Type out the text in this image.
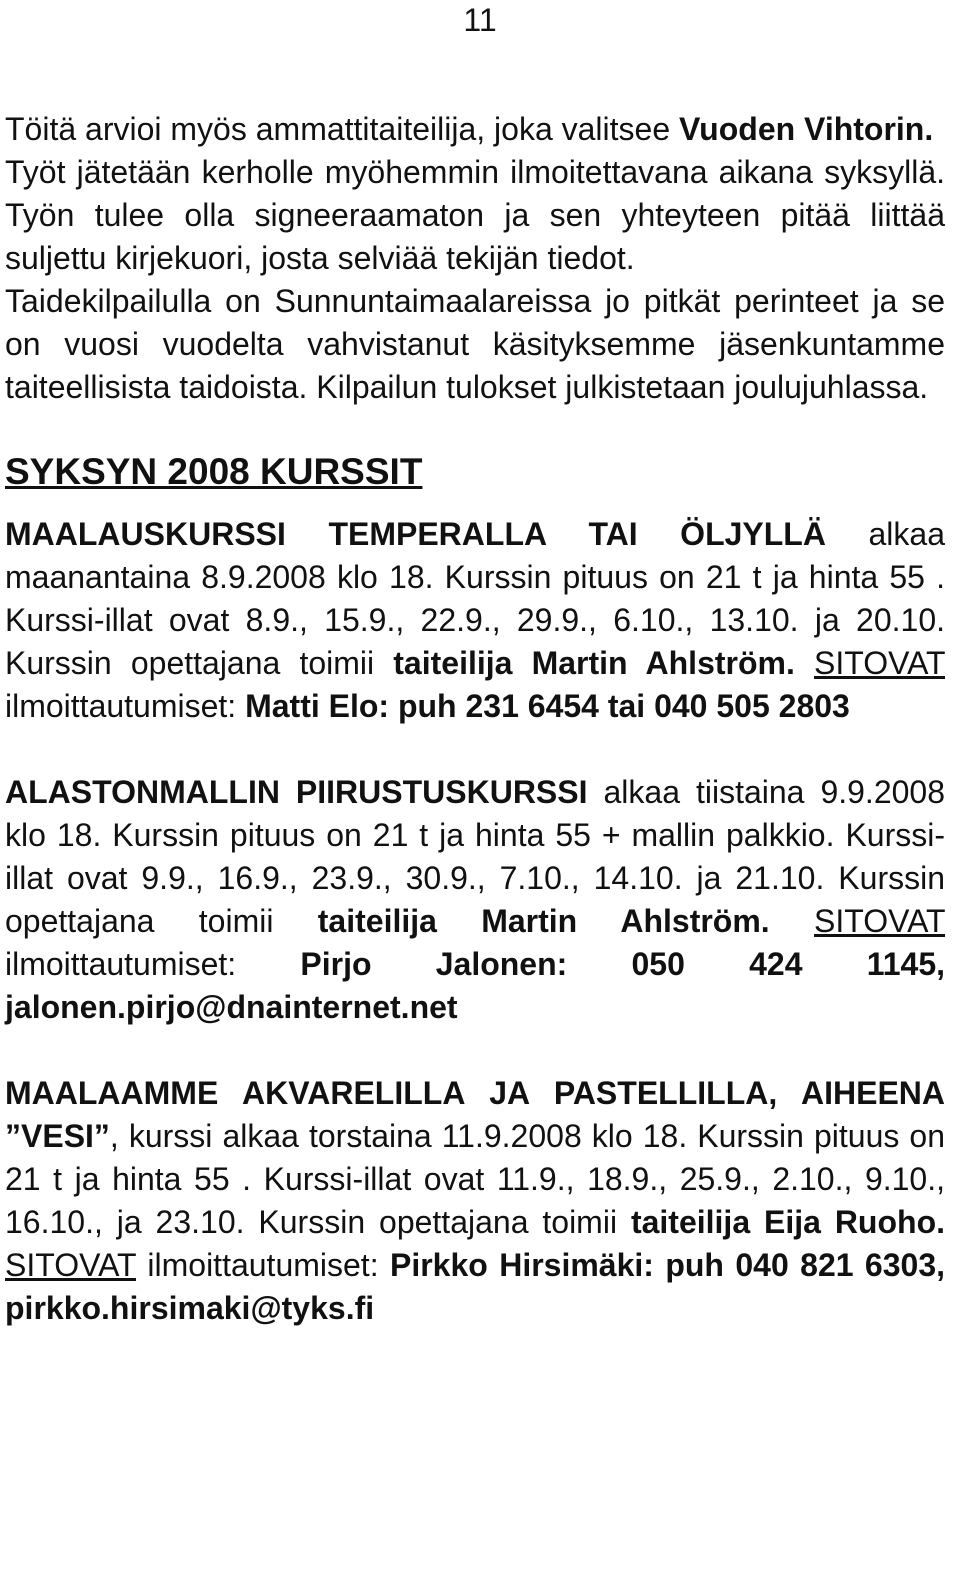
11

Töitä arvioi myös ammattitaiteilija, joka valitsee Vuoden Vihtorin.

Työt jätetään kerholle myöhemmin ilmoitettavana aikana syksyllä. Työn tulee olla signeeraamaton ja sen yhteyteen pitää liittää suljettu kirjekuori, josta selviää tekijän tiedot.

Taidekilpailulla on Sunnuntaimaalareissa jo pitkät perinteet ja se on vuosi vuodelta vahvistanut käsityksemme jäsenkuntamme taiteellisista taidoista. Kilpailun tulokset julkistetaan joulujuhlassa.

SYKSYN 2008 KURSSIT

MAALAUSKURSSI TEMPERALLA TAI ÖLJYLLÄ alkaa maanantaina 8.9.2008 klo 18. Kurssin pituus on 21 t ja hinta 55 . Kurssi-illat ovat 8.9., 15.9., 22.9., 29.9., 6.10., 13.10. ja 20.10. Kurssin opettajana toimii taiteilija Martin Ahlström. SITOVAT ilmoittautumiset: Matti Elo: puh 231 6454 tai 040 505 2803

ALASTONMALLIN PIIRUSTUSKURSSI alkaa tiistaina 9.9.2008 klo 18. Kurssin pituus on 21 t ja hinta 55 + mallin palkkio. Kurssi-illat ovat 9.9., 16.9., 23.9., 30.9., 7.10., 14.10. ja 21.10. Kurssin opettajana toimii taiteilija Martin Ahlström. SITOVAT ilmoittautumiset: Pirjo Jalonen: 050 424 1145, jalonen.pirjo@dnainternet.net

MAALAAMME AKVARELILLA JA PASTELLILLA, AIHEENA ”VESI”, kurssi alkaa torstaina 11.9.2008 klo 18. Kurssin pituus on 21 t ja hinta 55 . Kurssi-illat ovat 11.9., 18.9., 25.9., 2.10., 9.10., 16.10., ja 23.10. Kurssin opettajana toimii taiteilija Eija Ruoho. SITOVAT ilmoittautumiset: Pirkko Hirsimäki: puh 040 821 6303, pirkko.hirsimaki@tyks.fi
